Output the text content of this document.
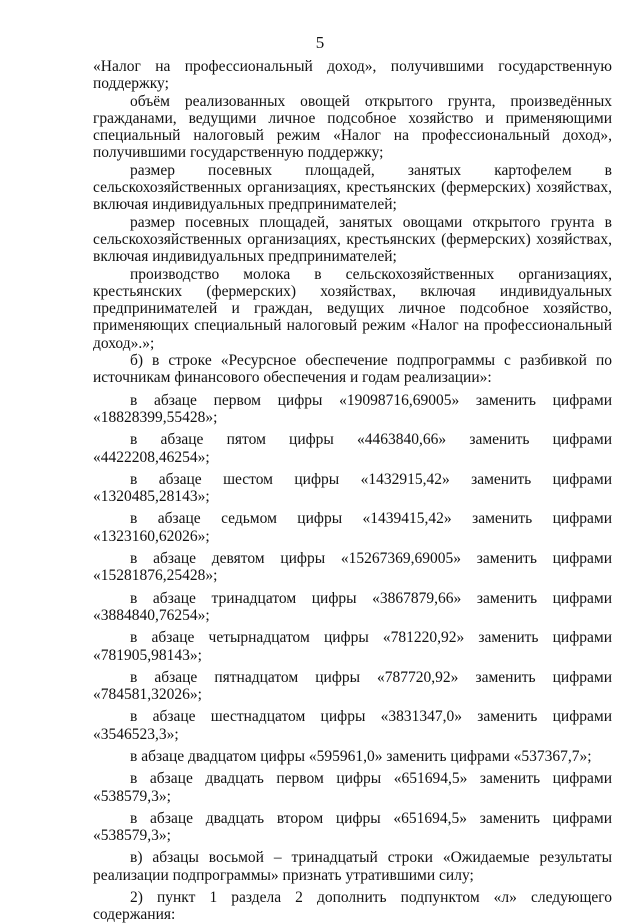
5

«Налог на профессиональный доход», получившими государственную поддержку;

объём реализованных овощей открытого грунта, произведённых гражданами, ведущими личное подсобное хозяйство и применяющими специальный налоговый режим «Налог на профессиональный доход», получившими государственную поддержку;

размер посевных площадей, занятых картофелем в сельскохозяйственных организациях, крестьянских (фермерских) хозяйствах, включая индивидуальных предпринимателей;

размер посевных площадей, занятых овощами открытого грунта в сельскохозяйственных организациях, крестьянских (фермерских) хозяйствах, включая индивидуальных предпринимателей;

производство молока в сельскохозяйственных организациях, крестьянских (фермерских) хозяйствах, включая индивидуальных предпринимателей и граждан, ведущих личное подсобное хозяйство, применяющих специальный налоговый режим «Налог на профессиональный доход».»;

б) в строке «Ресурсное обеспечение подпрограммы с разбивкой по источникам финансового обеспечения и годам реализации»:

в абзаце первом цифры «19098716,69005» заменить цифрами «18828399,55428»;

в абзаце пятом цифры «4463840,66» заменить цифрами «4422208,46254»;

в абзаце шестом цифры «1432915,42» заменить цифрами «1320485,28143»;

в абзаце седьмом цифры «1439415,42» заменить цифрами «1323160,62026»;

в абзаце девятом цифры «15267369,69005» заменить цифрами «15281876,25428»;

в абзаце тринадцатом цифры «3867879,66» заменить цифрами «3884840,76254»;

в абзаце четырнадцатом цифры «781220,92» заменить цифрами «781905,98143»;

в абзаце пятнадцатом цифры «787720,92» заменить цифрами «784581,32026»;

в абзаце шестнадцатом цифры «3831347,0» заменить цифрами «3546523,3»;

в абзаце двадцатом цифры «595961,0» заменить цифрами «537367,7»;

в абзаце двадцать первом цифры «651694,5» заменить цифрами «538579,3»;

в абзаце двадцать втором цифры «651694,5» заменить цифрами «538579,3»;

в) абзацы восьмой – тринадцатый строки «Ожидаемые результаты реализации подпрограммы» признать утратившими силу;

2) пункт 1 раздела 2 дополнить подпунктом «л» следующего содержания:
